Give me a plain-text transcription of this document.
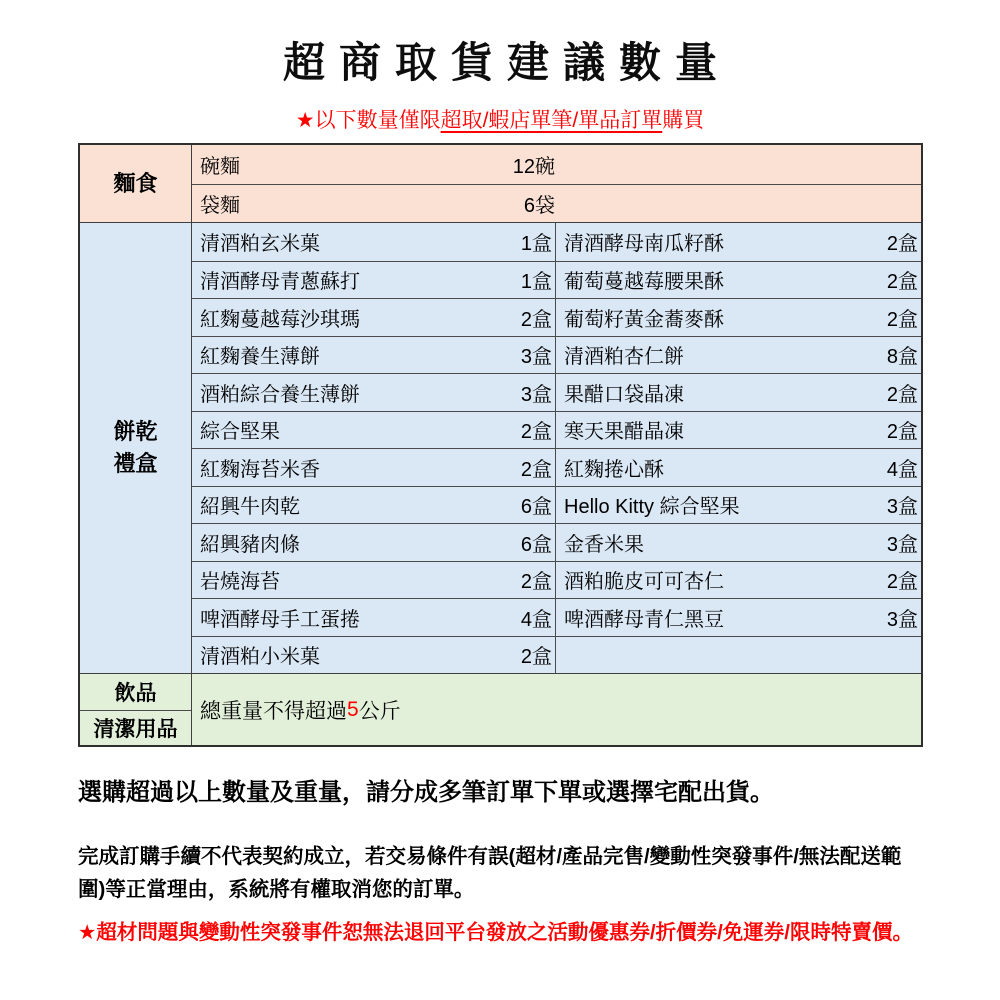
超商取貨建議數量
★以下數量僅限超取/蝦店單筆/單品訂單購買
麵食
碗麵	12碗
袋麵	6袋
餅乾
禮盒
清酒粕玄米菓	1盒 清酒酵母南瓜籽酥	2盒
清酒酵母青蔥蘇打	1盒 葡萄蔓越莓腰果酥	2盒
紅麴蔓越莓沙琪瑪	2盒 葡萄籽黃金蕎麥酥	2盒
紅麴養生薄餅	3盒 清酒粕杏仁餅	8盒
酒粕綜合養生薄餅	3盒 果醋口袋晶凍	2盒
綜合堅果	2盒 寒天果醋晶凍	2盒
紅麴海苔米香	2盒 紅麴捲心酥	4盒
紹興牛肉乾	6盒 Hello Kitty 綜合堅果	3盒
紹興豬肉條	6盒 金香米果	3盒
岩燒海苔	2盒 酒粕脆皮可可杏仁	2盒
啤酒酵母手工蛋捲	4盒 啤酒酵母青仁黑豆	3盒
清酒粕小米菓	2盒
飲品
清潔用品
總重量不得超過 5 公斤
選購超過以上數量及重量，請分成多筆訂單下單或選擇宅配出貨。
完成訂購手續不代表契約成立，若交易條件有誤(超材/產品完售/變動性突發事件/無法配送範圍)等正當理由，系統將有權取消您的訂單。
★超材問題與變動性突發事件恕無法退回平台發放之活動優惠券/折價券/免運券/限時特賣價。
